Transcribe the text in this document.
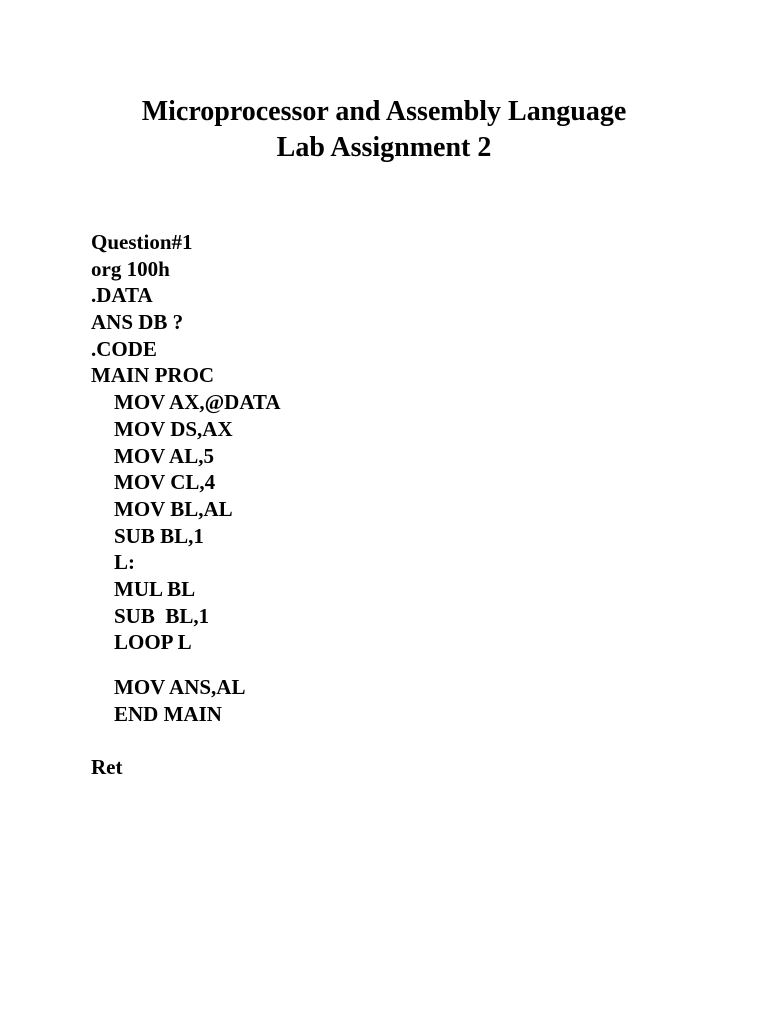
Microprocessor and Assembly Language
Lab Assignment 2
Question#1
org 100h
.DATA
ANS DB ?
.CODE
MAIN PROC
MOV AX,@DATA
MOV DS,AX
MOV AL,5
MOV CL,4
MOV BL,AL
SUB BL,1
L:
MUL BL
SUB  BL,1
LOOP L
MOV ANS,AL
END MAIN
Ret
